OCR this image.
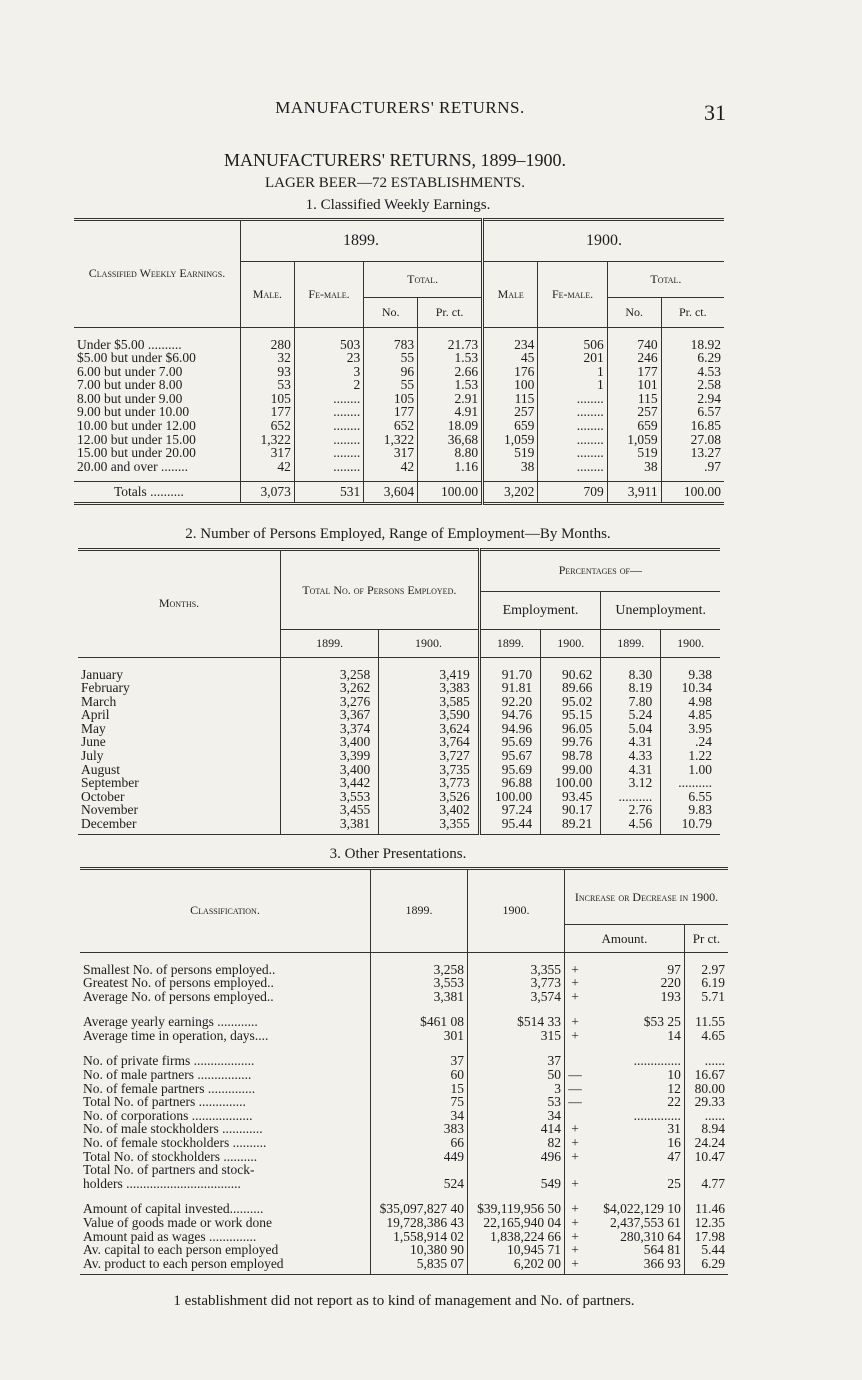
MANUFACTURERS' RETURNS.	31
MANUFACTURERS' RETURNS, 1899–1900.
LAGER BEER—72 ESTABLISHMENTS.
1. Classified Weekly Earnings.
Classified Weekly Earnings.	1899.				1900.			
	Male.	Fe-male.	Total.		Male	Fe-male.	Total.	
			No.	Pr. ct.			No.	Pr. ct.

Under $5.00 ..........	280	503	783	21.73	234	506	740	18.92
$5.00 but under $6.00	32	23	55	1.53	45	201	246	6.29
6.00 but under 7.00	93	3	96	2.66	176	1	177	4.53
7.00 but under 8.00	53	2	55	1.53	100	1	101	2.58
8.00 but under 9.00	105	........	105	2.91	115	........	115	2.94
9.00 but under 10.00	177	........	177	4.91	257	........	257	6.57
10.00 but under 12.00	652	........	652	18.09	659	........	659	16.85
12.00 but under 15.00	1,322	........	1,322	36,68	1,059	........	1,059	27.08
15.00 but under 20.00	317	........	317	8.80	519	........	519	13.27
20.00 and over ........	42	........	42	1.16	38	........	38	.97

Totals ..........	3,073	531	3,604	100.00	3,202	709	3,911	100.00
2. Number of Persons Employed, Range of Employment—By Months.
Months.	Total No. of Persons Employed.		Percentages of—			
			Employment.		Unemployment.	
	1899.	1900.	1899.	1900.	1899.	1900.

January	3,258	3,419	91.70	90.62	8.30	9.38
February	3,262	3,383	91.81	89.66	8.19	10.34
March	3,276	3,585	92.20	95.02	7.80	4.98
April	3,367	3,590	94.76	95.15	5.24	4.85
May	3,374	3,624	94.96	96.05	5.04	3.95
June	3,400	3,764	95.69	99.76	4.31	.24
July	3,399	3,727	95.67	98.78	4.33	1.22
August	3,400	3,735	95.69	99.00	4.31	1.00
September	3,442	3,773	96.88	100.00	3.12	..........
October	3,553	3,526	100.00	93.45	..........	6.55
November	3,455	3,402	97.24	90.17	2.76	9.83
December	3,381	3,355	95.44	89.21	4.56	10.79

3. Other Presentations.
Classification.	1899.	1900.	Increase or Decrease in 1900.		
			Amount.		Pr ct.

Smallest No. of persons employed..	3,258	3,355	+	97	2.97
Greatest No. of persons employed..	3,553	3,773	+	220	6.19
Average No. of persons employed..	3,381	3,574	+	193	5.71

Average yearly earnings ............	$461 08	$514 33	+	$53 25	11.55
Average time in operation, days....	301	315	+	14	4.65

No. of private firms ..................	37	37		..............	......
No. of male partners ................	60	50	—	10	16.67
No. of female partners ..............	15	3	—	12	80.00
Total No. of partners ..............	75	53	—	22	29.33
No. of corporations ..................	34	34		..............	......
No. of male stockholders ............	383	414	+	31	8.94
No. of female stockholders ..........	66	82	+	16	24.24
Total No. of stockholders ..........	449	496	+	47	10.47
Total No. of partners and stock-					
holders ..................................	524	549	+	25	4.77

Amount of capital invested..........	$35,097,827 40	$39,119,956 50	+	$4,022,129 10	11.46
Value of goods made or work done	19,728,386 43	22,165,940 04	+	2,437,553 61	12.35
Amount paid as wages ..............	1,558,914 02	1,838,224 66	+	280,310 64	17.98
Av. capital to each person employed	10,380 90	10,945 71	+	564 81	5.44
Av. product to each person employed	5,835 07	6,202 00	+	366 93	6.29

1 establishment did not report as to kind of management and No. of partners.
